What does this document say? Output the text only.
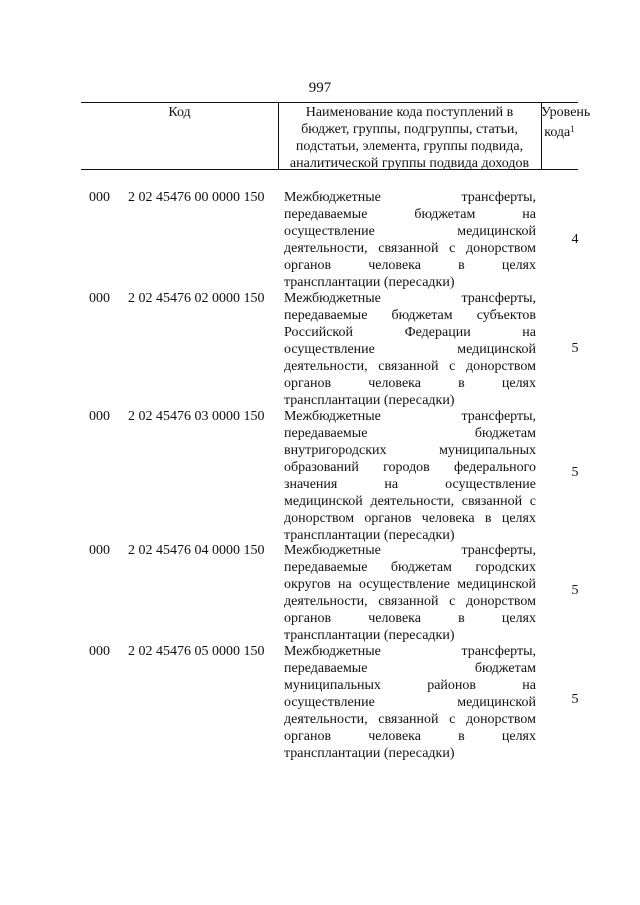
997
Код	Наименование кода поступлений в
бюджет, группы, подгруппы, статьи,
подстатьи, элемента, группы подвида,
аналитической группы подвида доходов
Уровень
кода$^1$
000 2 02 45476 00 0000 150 Межбюджетные трансферты,
передаваемые бюджетам на
осуществление медицинской
деятельности, связанной с донорством
органов человека в целях
трансплантации (пересадки)
4
000 2 02 45476 02 0000 150 Межбюджетные трансферты,
передаваемые бюджетам субъектов
Российской Федерации на
осуществление медицинской
деятельности, связанной с донорством
органов человека в целях
трансплантации (пересадки)
5
000 2 02 45476 03 0000 150 Межбюджетные трансферты,
передаваемые бюджетам
внутригородских муниципальных
образований городов федерального
значения на осуществление
медицинской деятельности, связанной с
донорством органов человека в целях
трансплантации (пересадки)
5
000 2 02 45476 04 0000 150 Межбюджетные трансферты,
передаваемые бюджетам городских
округов на осуществление медицинской
деятельности, связанной с донорством
органов человека в целях
трансплантации (пересадки)
5
000 2 02 45476 05 0000 150 Межбюджетные трансферты,
передаваемые бюджетам
муниципальных районов на
осуществление медицинской
деятельности, связанной с донорством
органов человека в целях
трансплантации (пересадки)
5
